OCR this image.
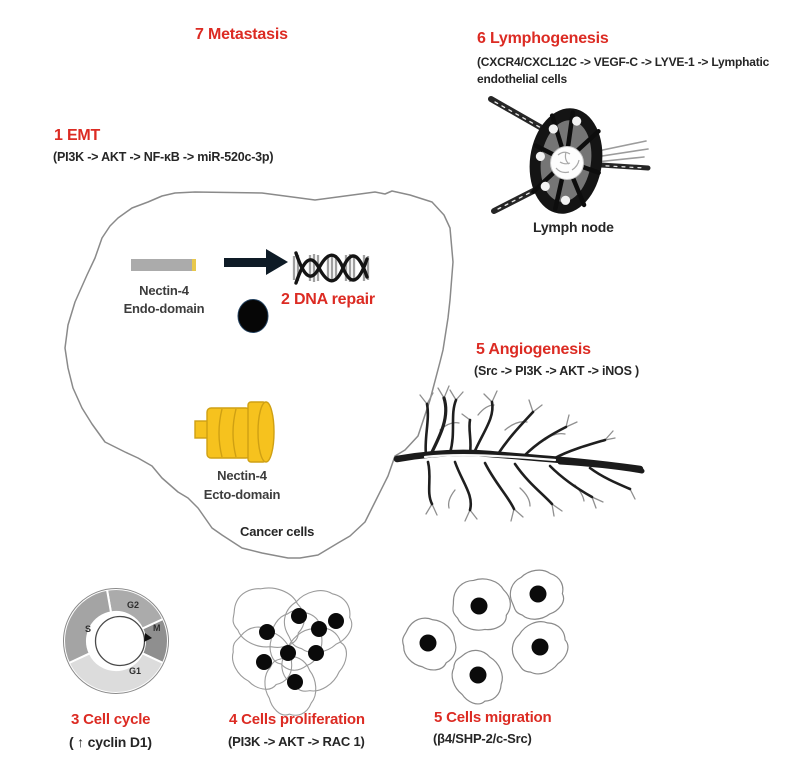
7 Metastasis	6 Lymphogenesis
(CXCR4/CXCL12C -> VEGF-C -> LYVE-1 -> Lymphatic
endothelial cells
Lymph node
1 EMT
(PI3K -> AKT -> NF-κB -> miR-520c-3p)
2 DNA repair
Nectin-4
Endo-domain
5 Angiogenesis
(Src -> PI3K -> AKT -> iNOS )
Nectin-4
Ecto-domain
Cancer cells
G2
M
S
G1
3 Cell cycle
( ↑ cyclin D1)
4 Cells proliferation
(PI3K -> AKT -> RAC 1)
5 Cells migration
(β4/SHP-2/c-Src)
